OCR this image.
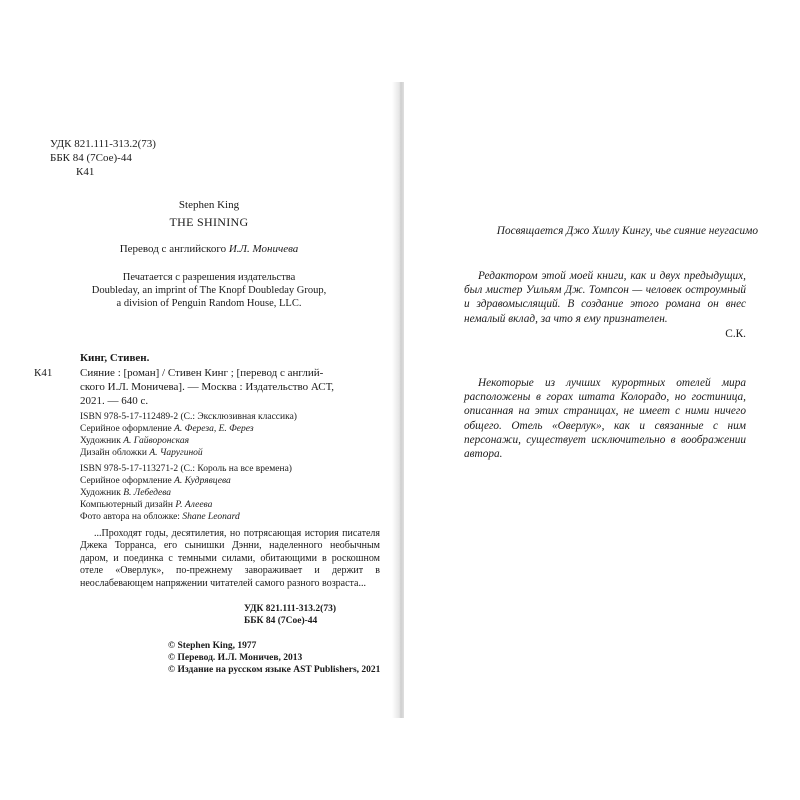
УДК 821.111-313.2(73)
ББК 84 (7Сое)-44
К41
Stephen King
THE SHINING
Перевод с английского И.Л. Моничева
Печатается с разрешения издательства
Doubleday, an imprint of The Knopf Doubleday Group,
a division of Penguin Random House, LLC.
Кинг, Стивен.
К41	Сияние : [роман] / Стивен Кинг ; [перевод с англий-
ского И.Л. Моничева]. — Москва : Издательство АСТ,
2021. — 640 с.
ISBN 978-5-17-112489-2 (С.: Эксклюзивная классика)
Серийное оформление А. Фереза, Е. Ферез
Художник А. Гайворонская
Дизайн обложки А. Чаругиной
ISBN 978-5-17-113271-2 (С.: Король на все времена)
Серийное оформление А. Кудрявцева
Художник В. Лебедева
Компьютерный дизайн Р. Алеева
Фото автора на обложке: Shane Leonard

...Проходят годы, десятилетия, но потрясающая история писателя Джека Торранса, его сынишки Дэнни, наделенного необычным даром, и поединка с темными силами, обитающими в роскошном отеле «Оверлук», по-прежнему завораживает и держит в неослабевающем напряжении читателей самого разного возраста...

УДК 821.111-313.2(73)
ББК 84 (7Сое)-44
© Stephen King, 1977
© Перевод. И.Л. Моничев, 2013
© Издание на русском языке AST Publishers, 2021
Посвящается Джо Хиллу Кингу, чье сияние неугасимо

Редактором этой моей книги, как и двух предыдущих, был мистер Уильям Дж. Томпсон — человек остроумный и здравомыслящий. В создание этого романа он внес немалый вклад, за что я ему признателен.

С.К.

Некоторые из лучших курортных отелей мира расположены в горах штата Колорадо, но гостиница, описанная на этих страницах, не имеет с ними ничего общего. Отель «Оверлук», как и связанные с ним персонажи, существует исключительно в воображении автора.
